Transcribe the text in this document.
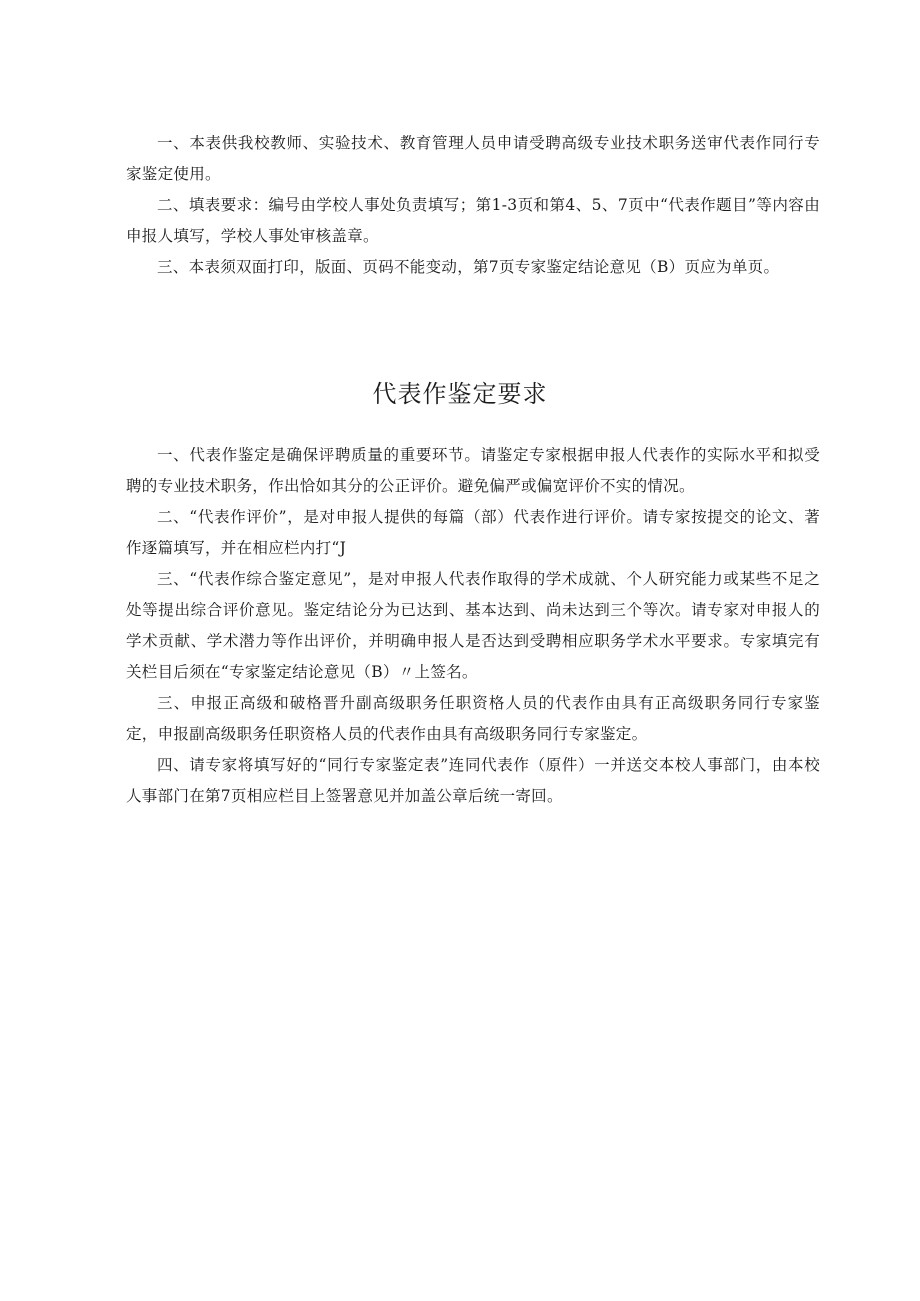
一、本表供我校教师、实验技术、教育管理人员申请受聘高级专业技术职务送审代表作同行专家鉴定使用。

二、填表要求：编号由学校人事处负责填写；第1-3页和第4、5、7页中“代表作题目”等内容由申报人填写，学校人事处审核盖章。

三、本表须双面打印，版面、页码不能变动，第7页专家鉴定结论意见（B）页应为单页。

代表作鉴定要求

一、代表作鉴定是确保评聘质量的重要环节。请鉴定专家根据申报人代表作的实际水平和拟受聘的专业技术职务，作出恰如其分的公正评价。避免偏严或偏宽评价不实的情况。

二、“代表作评价”，是对申报人提供的每篇（部）代表作进行评价。请专家按提交的论文、著作逐篇填写，并在相应栏内打“J

三、“代表作综合鉴定意见”，是对申报人代表作取得的学术成就、个人研究能力或某些不足之处等提出综合评价意见。鉴定结论分为已达到、基本达到、尚未达到三个等次。请专家对申报人的学术贡献、学术潜力等作出评价，并明确申报人是否达到受聘相应职务学术水平要求。专家填完有关栏目后须在“专家鉴定结论意见（B）〃上签名。

三、申报正高级和破格晋升副高级职务任职资格人员的代表作由具有正高级职务同行专家鉴定，申报副高级职务任职资格人员的代表作由具有高级职务同行专家鉴定。

四、请专家将填写好的“同行专家鉴定表”连同代表作（原件）一并送交本校人事部门，由本校人事部门在第7页相应栏目上签署意见并加盖公章后统一寄回。
